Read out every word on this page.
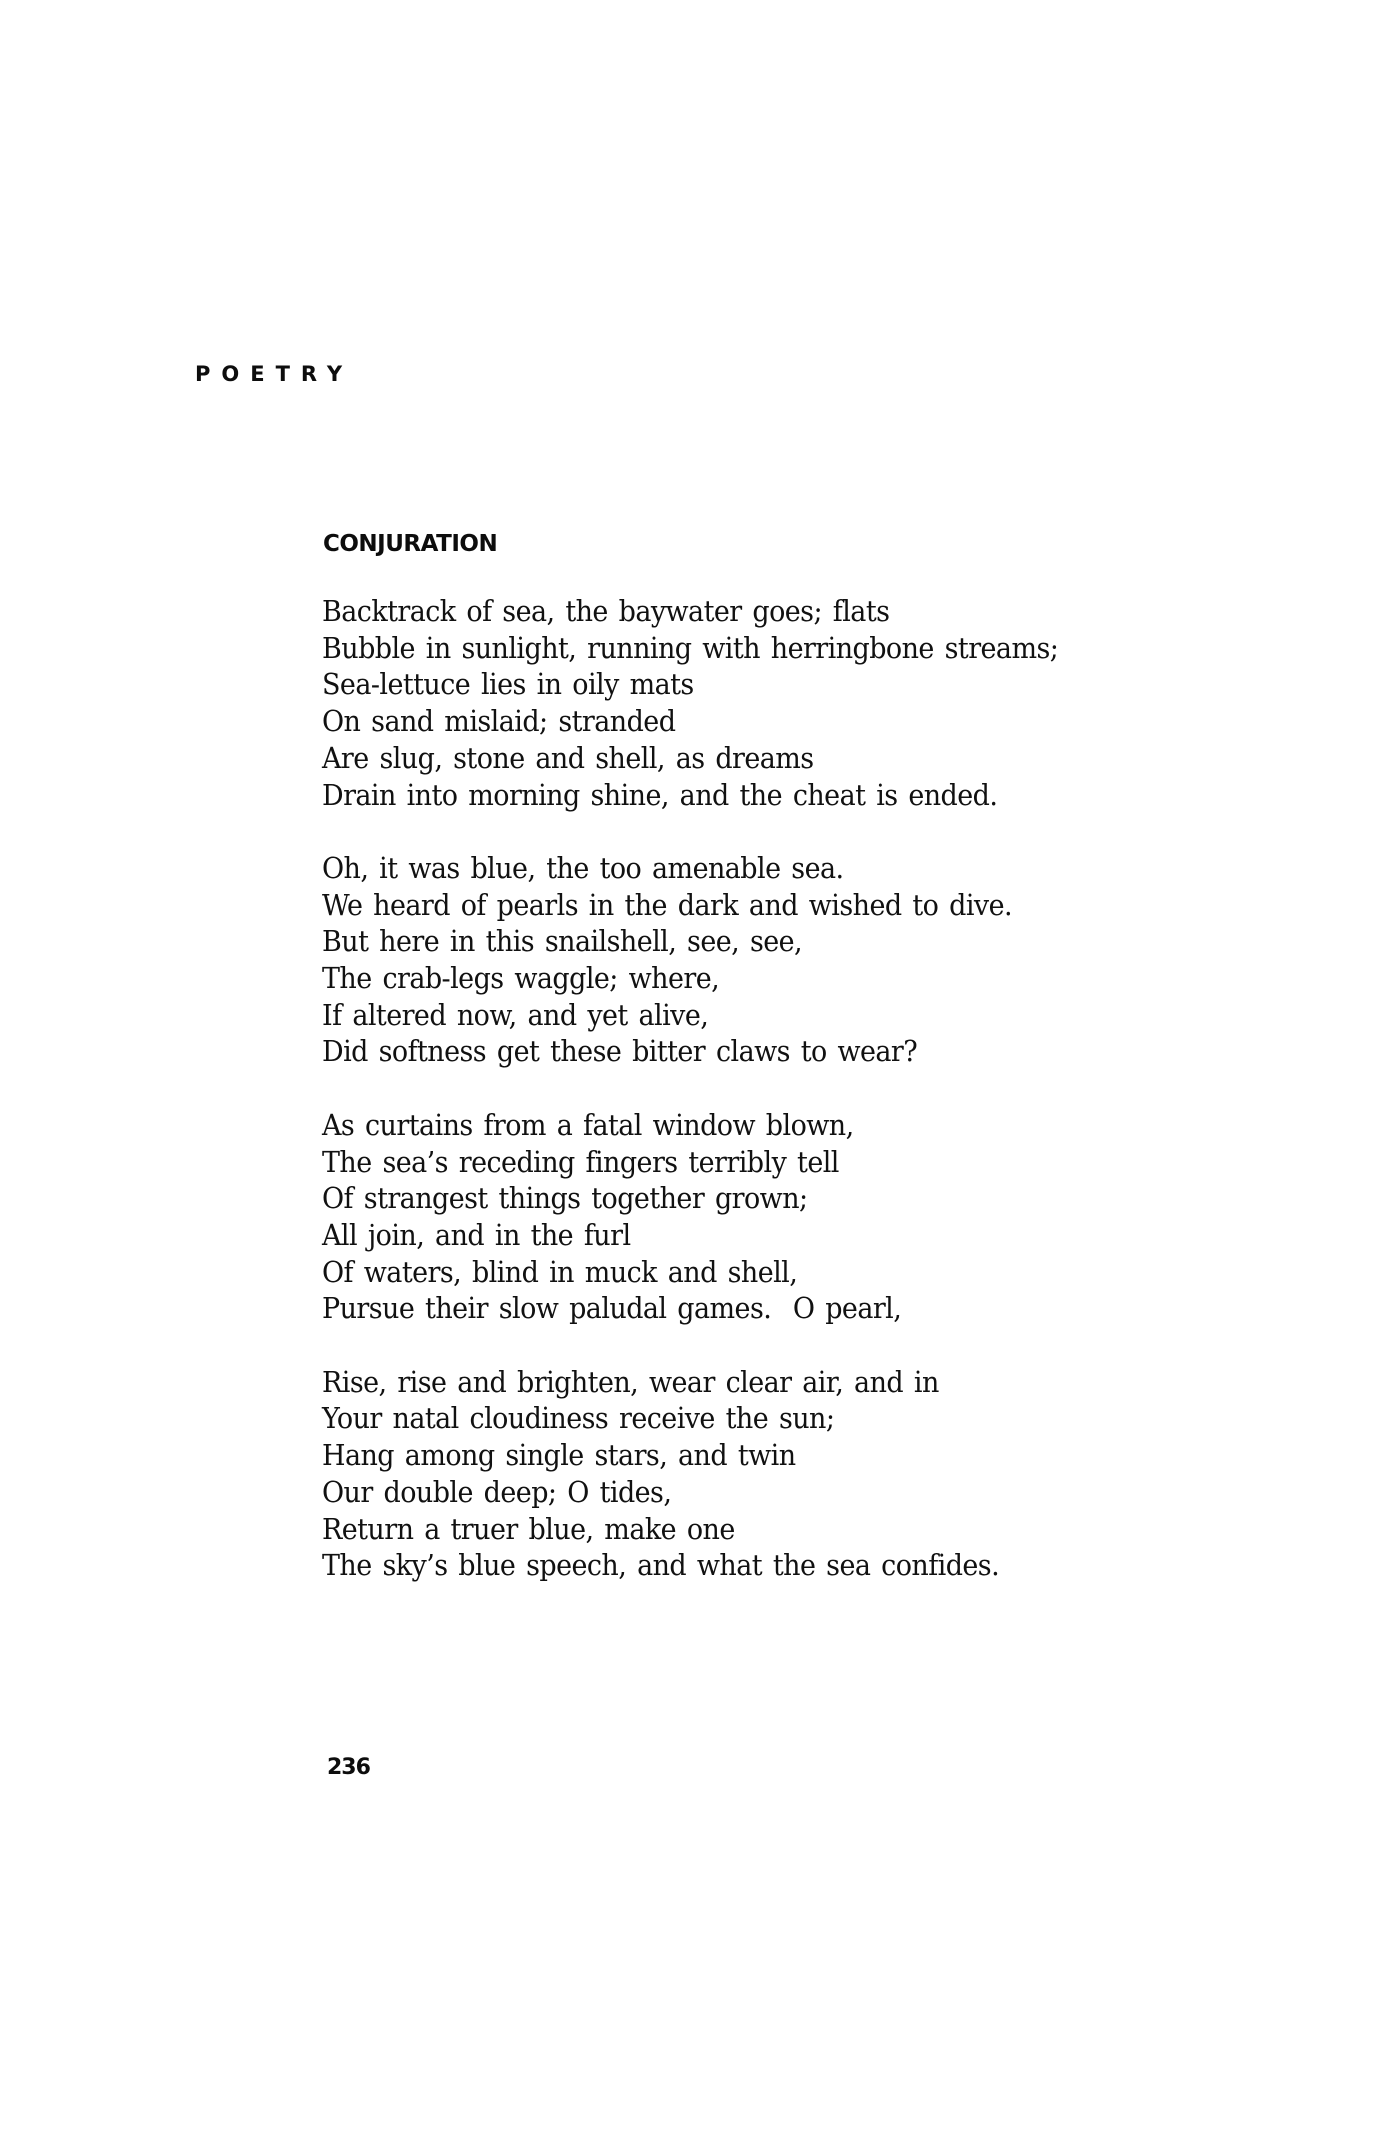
POETRY
CONJURATION
Backtrack of sea, the baywater goes; flats
Bubble in sunlight, running with herringbone streams;
Sea-lettuce lies in oily mats
On sand mislaid; stranded
Are slug, stone and shell, as dreams
Drain into morning shine, and the cheat is ended.
Oh, it was blue, the too amenable sea.
We heard of pearls in the dark and wished to dive.
But here in this snailshell, see, see,
The crab-legs waggle; where,
If altered now, and yet alive,
Did softness get these bitter claws to wear?
As curtains from a fatal window blown,
The sea’s receding fingers terribly tell
Of strangest things together grown;
All join, and in the furl
Of waters, blind in muck and shell,
Pursue their slow paludal games.  O pearl,
Rise, rise and brighten, wear clear air, and in
Your natal cloudiness receive the sun;
Hang among single stars, and twin
Our double deep; O tides,
Return a truer blue, make one
The sky’s blue speech, and what the sea confides.
236
